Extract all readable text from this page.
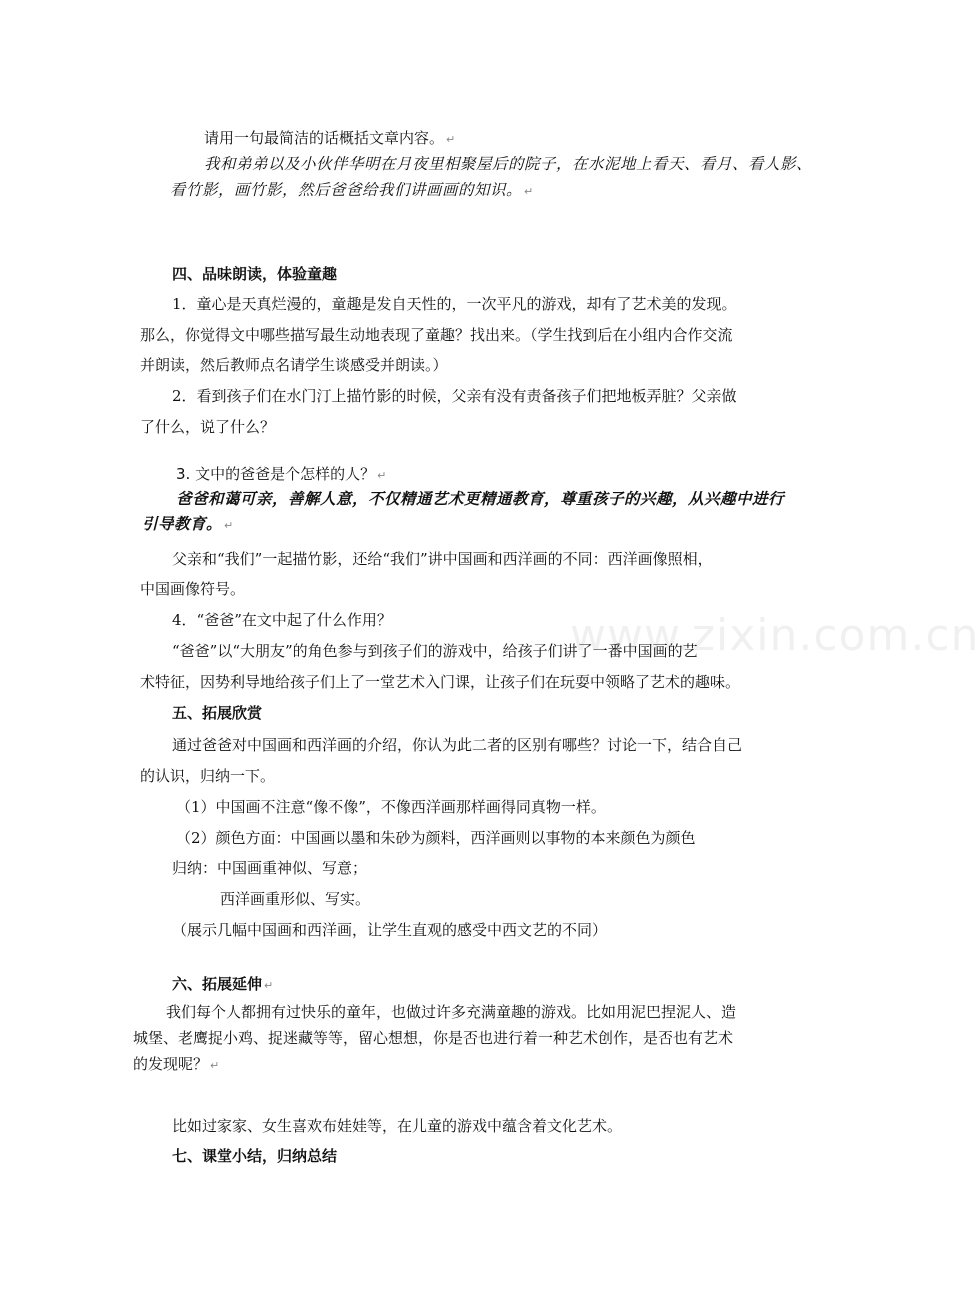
www.zixin.com.cn
请用一句最简洁的话概括文章内容。 ↵
我和弟弟以及小伙伴华明在月夜里相聚屋后的院子，在水泥地上看天、看月、看人影、
看竹影，画竹影，然后爸爸给我们讲画画的知识。 ↵
四、品味朗读，体验童趣
1．童心是天真烂漫的，童趣是发自天性的，一次平凡的游戏，却有了艺术美的发现。
那么，你觉得文中哪些描写最生动地表现了童趣？找出来。（学生找到后在小组内合作交流
并朗读，然后教师点名请学生谈感受并朗读。）
2．看到孩子们在水门汀上描竹影的时候，父亲有没有责备孩子们把地板弄脏？父亲做
了什么，说了什么？
3. 文中的爸爸是个怎样的人？ ↵
爸爸和蔼可亲，善解人意，不仅精通艺术更精通教育，尊重孩子的兴趣，从兴趣中进行
引导教育。 ↵
父亲和“我们”一起描竹影，还给“我们”讲中国画和西洋画的不同：西洋画像照相，
中国画像符号。
4．“爸爸”在文中起了什么作用？
“爸爸”以“大朋友”的角色参与到孩子们的游戏中，给孩子们讲了一番中国画的艺
术特征，因势利导地给孩子们上了一堂艺术入门课，让孩子们在玩耍中领略了艺术的趣味。
五、拓展欣赏
通过爸爸对中国画和西洋画的介绍，你认为此二者的区别有哪些？讨论一下，结合自己
的认识，归纳一下。
（1）中国画不注意“像不像”，不像西洋画那样画得同真物一样。
（2）颜色方面：中国画以墨和朱砂为颜料，西洋画则以事物的本来颜色为颜色
归纳：中国画重神似、写意；
西洋画重形似、写实。
（展示几幅中国画和西洋画，让学生直观的感受中西文艺的不同）
六、拓展延伸 ↵
我们每个人都拥有过快乐的童年，也做过许多充满童趣的游戏。比如用泥巴捏泥人、造
城堡、老鹰捉小鸡、捉迷藏等等，留心想想，你是否也进行着一种艺术创作，是否也有艺术
的发现呢？ ↵
比如过家家、女生喜欢布娃娃等，在儿童的游戏中蕴含着文化艺术。
七、课堂小结，归纳总结
